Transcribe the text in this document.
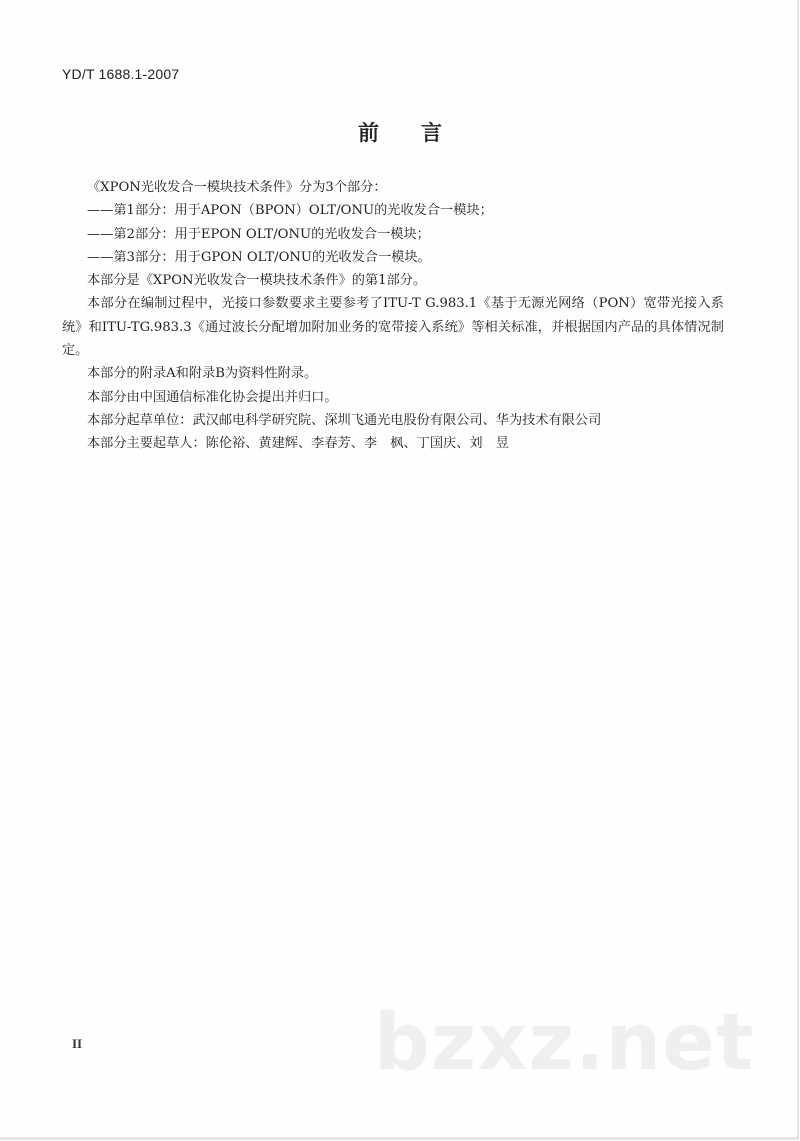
YD/T 1688.1-2007
前 言

《XPON光收发合一模块技术条件》分为3个部分：

——第1部分：用于APON（BPON）OLT/ONU的光收发合一模块；

——第2部分：用于EPON OLT/ONU的光收发合一模块；

——第3部分：用于GPON OLT/ONU的光收发合一模块。

本部分是《XPON光收发合一模块技术条件》的第1部分。

本部分在编制过程中，光接口参数要求主要参考了ITU-T G.983.1《基于无源光网络（PON）宽带光接入系统》和ITU-TG.983.3《通过波长分配增加附加业务的宽带接入系统》等相关标准，并根据国内产品的具体情况制定。

本部分的附录A和附录B为资料性附录。

本部分由中国通信标准化协会提出并归口。

本部分起草单位：武汉邮电科学研究院、深圳飞通光电股份有限公司、华为技术有限公司

本部分主要起草人：陈伦裕、黄建辉、李春芳、李　枫、丁国庆、刘　昱

II	bzxz.net
